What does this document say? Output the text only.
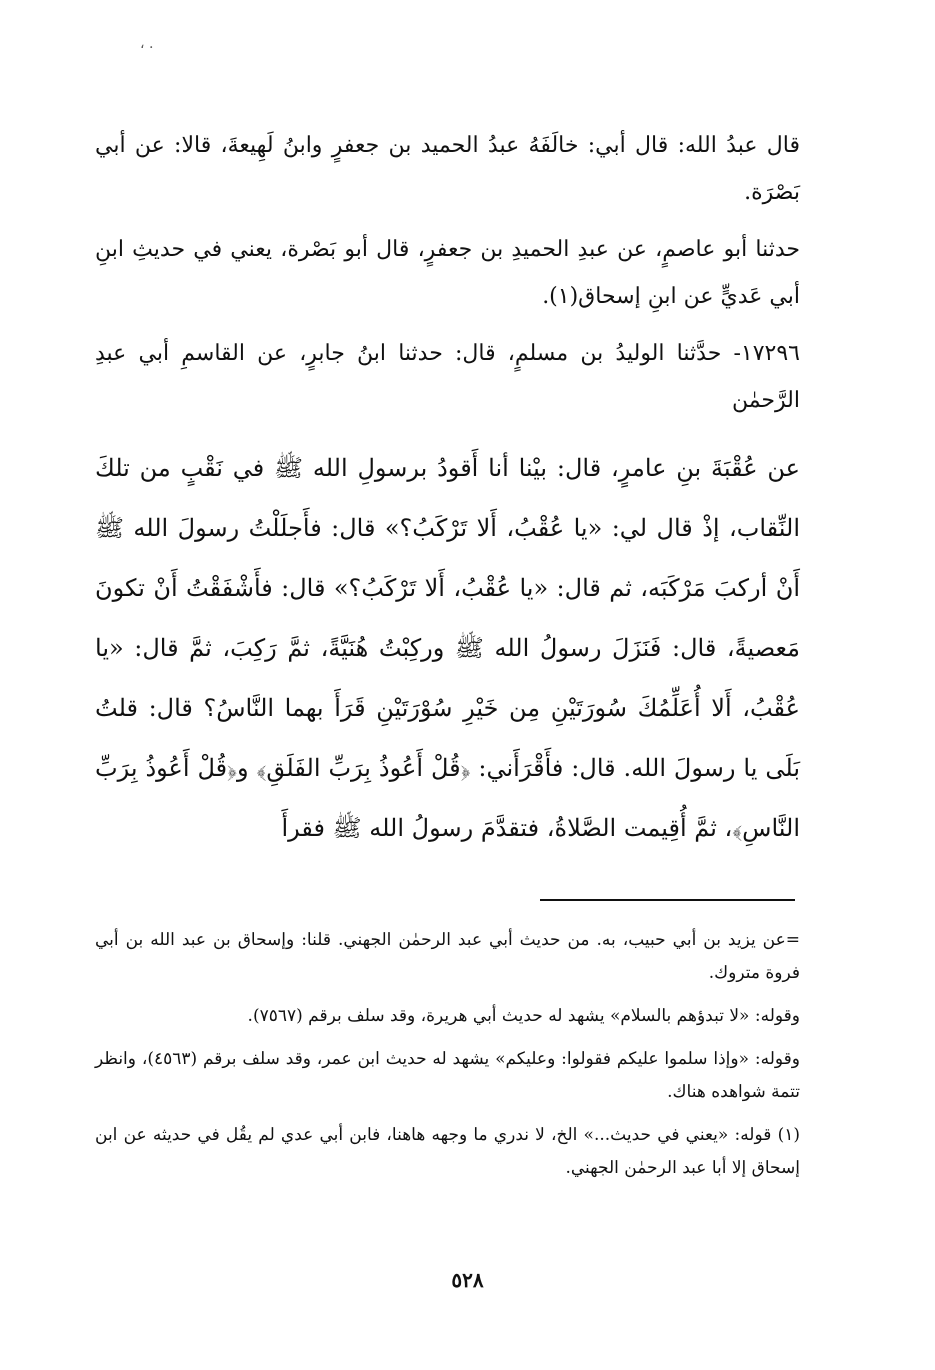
، .

قال عبدُ الله: قال أبي: خالَفَهُ عبدُ الحميد بن جعفرٍ وابنُ لَهِيعةَ، قالا: عن أبي بَصْرَة.

حدثنا أبو عاصمٍ، عن عبدِ الحميدِ بن جعفرٍ، قال أبو بَصْرة، يعني في حديثِ ابنِ أبي عَديٍّ عن ابنِ إسحاق(١).

١٧٢٩٦- حدَّثنا الوليدُ بن مسلمٍ، قال: حدثنا ابنُ جابرٍ، عن القاسمِ أبي عبدِ الرَّحمٰن

عن عُقْبَةَ بنِ عامرٍ، قال: بيْنا أنا أَقودُ برسولِ الله ﷺ في نَقْبٍ من تلكَ النِّقاب، إذْ قال لي: «يا عُقْبُ، أَلا تَرْكَبُ؟» قال: فأَجلَلْتُ رسولَ الله ﷺ أَنْ أركبَ مَرْكَبَه، ثم قال: «يا عُقْبُ، أَلا تَرْكَبُ؟» قال: فأَشْفَقْتُ أَنْ تكونَ مَعصيةً، قال: فَنَزَلَ رسولُ الله ﷺ وركِبْتُ هُنَيَّةً، ثمَّ رَكِبَ، ثمَّ قال: «يا عُقْبُ، أَلا أُعَلِّمُكَ سُورَتَيْنِ مِن خَيْرِ سُوْرَتَيْنِ قَرَأَ بهما النَّاسُ؟ قال: قلتُ بَلَى يا رسولَ الله. قال: فأَقْرَأَني: ﴿قُلْ أَعُوذُ بِرَبِّ الفَلَقِ﴾ و﴿قُلْ أَعُوذُ بِرَبِّ النَّاسِ﴾، ثمَّ أُقِيمت الصَّلاةُ، فتقدَّمَ رسولُ الله ﷺ فقرأَ

=عن يزيد بن أبي حبيب، به. من حديث أبي عبد الرحمٰن الجهني. قلنا: وإسحاق بن عبد الله بن أبي فروة متروك.

وقوله: «لا تبدؤهم بالسلام» يشهد له حديث أبي هريرة، وقد سلف برقم (٧٥٦٧).

وقوله: «وإذا سلموا عليكم فقولوا: وعليكم» يشهد له حديث ابن عمر، وقد سلف برقم (٤٥٦٣)، وانظر تتمة شواهده هناك.

(١) قوله: «يعني في حديث...» الخ، لا ندري ما وجهه هاهنا، فابن أبي عدي لم يقُل في حديثه عن ابن إسحاق إلا أبا عبد الرحمٰن الجهني.

٥٢٨
